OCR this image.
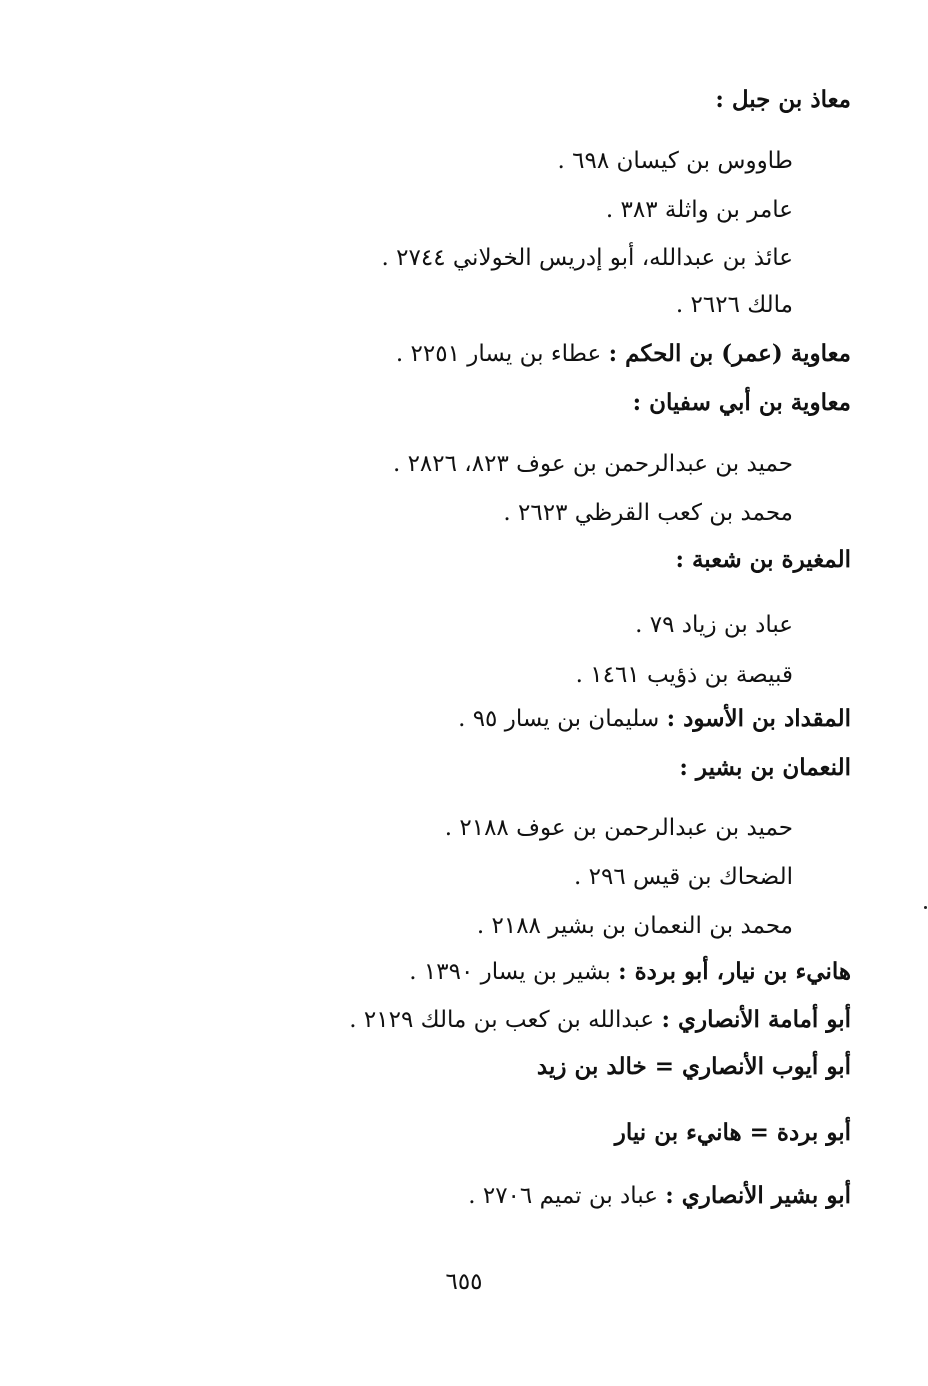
معاذ بن جبل :
طاووس بن كيسان ٦٩٨ .
عامر بن واثلة ٣٨٣ .
عائذ بن عبدالله، أبو إدريس الخولاني ٢٧٤٤ .
مالك ٢٦٢٦ .
معاوية (عمر) بن الحكم : عطاء بن يسار ٢٢٥١ .
معاوية بن أبي سفيان :
حميد بن عبدالرحمن بن عوف ٨٢٣، ٢٨٢٦ .
محمد بن كعب القرظي ٢٦٢٣ .
المغيرة بن شعبة :
عباد بن زياد ٧٩ .
قبيصة بن ذؤيب ١٤٦١ .
المقداد بن الأسود : سليمان بن يسار ٩٥ .
النعمان بن بشير :
حميد بن عبدالرحمن بن عوف ٢١٨٨ .
الضحاك بن قيس ٢٩٦ .
محمد بن النعمان بن بشير ٢١٨٨ .
هانيء بن نيار، أبو بردة : بشير بن يسار ١٣٩٠ .
أبو أمامة الأنصاري : عبدالله بن كعب بن مالك ٢١٢٩ .
أبو أيوب الأنصاري = خالد بن زيد
أبو بردة = هانيء بن نيار
أبو بشير الأنصاري : عباد بن تميم ٢٧٠٦ .
٦٥٥
